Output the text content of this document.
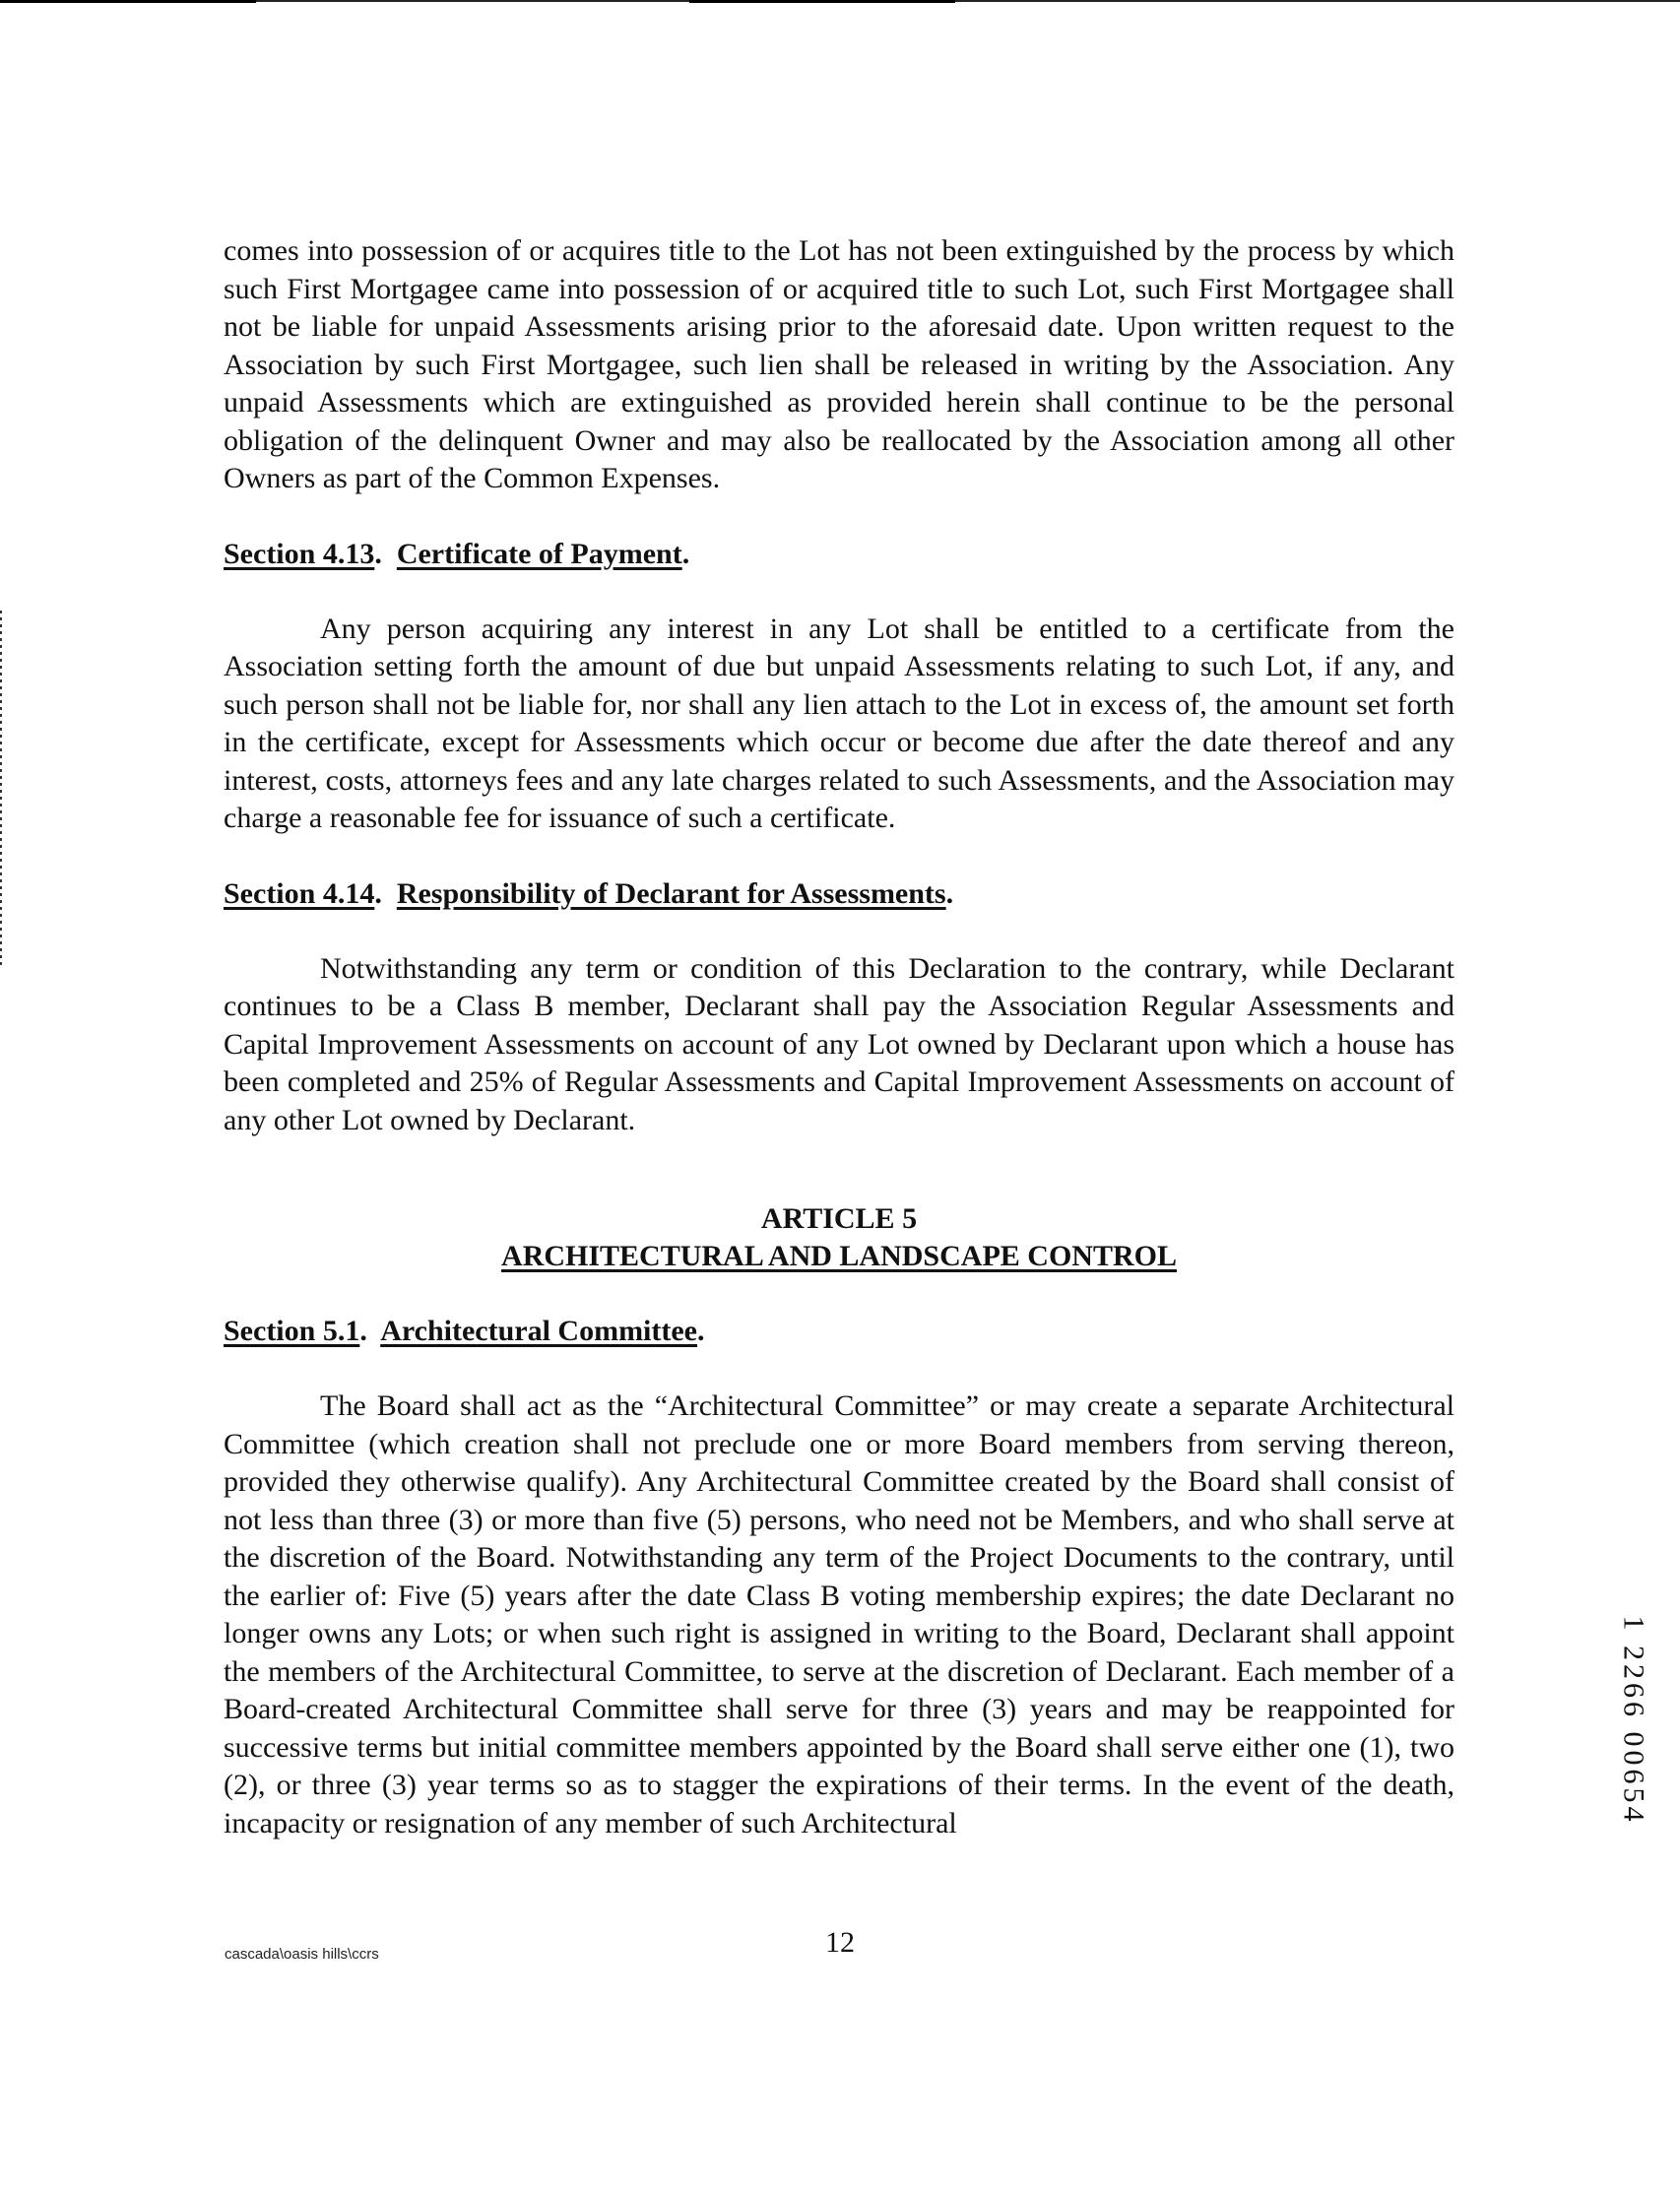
comes into possession of or acquires title to the Lot has not been extinguished by the process by which such First Mortgagee came into possession of or acquired title to such Lot, such First Mortgagee shall not be liable for unpaid Assessments arising prior to the aforesaid date. Upon written request to the Association by such First Mortgagee, such lien shall be released in writing by the Association. Any unpaid Assessments which are extinguished as provided herein shall continue to be the personal obligation of the delinquent Owner and may also be reallocated by the Association among all other Owners as part of the Common Expenses.

Section 4.13.  Certificate of Payment.

Any person acquiring any interest in any Lot shall be entitled to a certificate from the Association setting forth the amount of due but unpaid Assessments relating to such Lot, if any, and such person shall not be liable for, nor shall any lien attach to the Lot in excess of, the amount set forth in the certificate, except for Assessments which occur or become due after the date thereof and any interest, costs, attorneys fees and any late charges related to such Assessments, and the Association may charge a reasonable fee for issuance of such a certificate.

Section 4.14.  Responsibility of Declarant for Assessments.

Notwithstanding any term or condition of this Declaration to the contrary, while Declarant continues to be a Class B member, Declarant shall pay the Association Regular Assessments and Capital Improvement Assessments on account of any Lot owned by Declarant upon which a house has been completed and 25% of Regular Assessments and Capital Improvement Assessments on account of any other Lot owned by Declarant.

ARTICLE 5

ARCHITECTURAL AND LANDSCAPE CONTROL

Section 5.1.  Architectural Committee.

The Board shall act as the “Architectural Committee” or may create a separate Architectural Committee (which creation shall not preclude one or more Board members from serving thereon, provided they otherwise qualify). Any Architectural Committee created by the Board shall consist of not less than three (3) or more than five (5) persons, who need not be Members, and who shall serve at the discretion of the Board. Notwithstanding any term of the Project Documents to the contrary, until the earlier of: Five (5) years after the date Class B voting membership expires; the date Declarant no longer owns any Lots; or when such right is assigned in writing to the Board, Declarant shall appoint the members of the Architectural Committee, to serve at the discretion of Declarant. Each member of a Board-created Architectural Committee shall serve for three (3) years and may be reappointed for successive terms but initial committee members appointed by the Board shall serve either one (1), two (2), or three (3) year terms so as to stagger the expirations of their terms. In the event of the death, incapacity or resignation of any member of such Architectural

cascada\oasis hills\ccrs	12
1 2266 00654
